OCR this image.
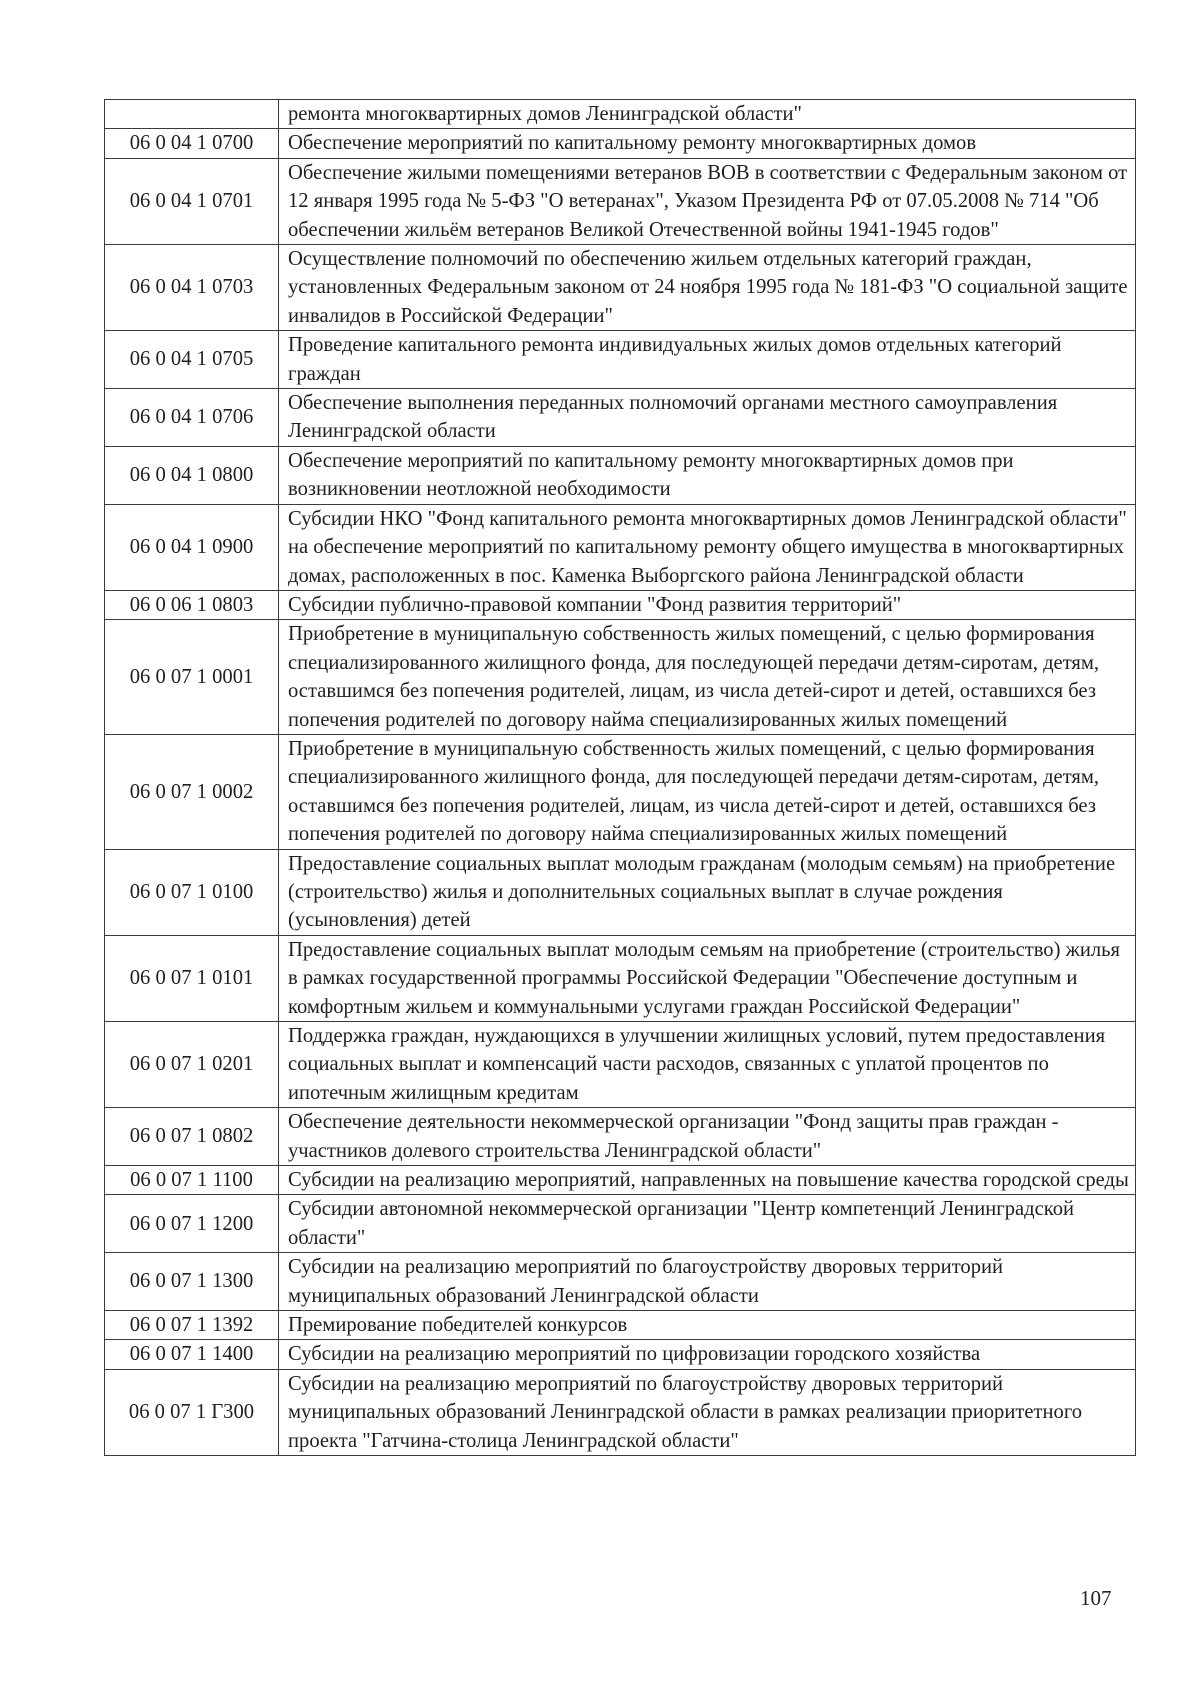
	ремонта многоквартирных домов Ленинградской области"
06 0 04 1 0700	Обеспечение мероприятий по капитальному ремонту многоквартирных домов
06 0 04 1 0701	Обеспечение жилыми помещениями ветеранов ВОВ в соответствии с Федеральным законом от 12 января 1995 года № 5-ФЗ "О ветеранах", Указом Президента РФ от 07.05.2008 № 714 "Об обеспечении жильём ветеранов Великой Отечественной войны 1941-1945 годов"
06 0 04 1 0703	Осуществление полномочий по обеспечению жильем отдельных категорий граждан, установленных Федеральным законом от 24 ноября 1995 года № 181-ФЗ "О социальной защите инвалидов в Российской Федерации"
06 0 04 1 0705	Проведение капитального ремонта индивидуальных жилых домов отдельных категорий граждан
06 0 04 1 0706	Обеспечение выполнения переданных полномочий органами местного самоуправления Ленинградской области
06 0 04 1 0800	Обеспечение мероприятий по капитальному ремонту многоквартирных домов при возникновении неотложной необходимости
06 0 04 1 0900	Субсидии НКО "Фонд капитального ремонта многоквартирных домов Ленинградской области" на обеспечение мероприятий по капитальному ремонту общего имущества в многоквартирных домах, расположенных в пос. Каменка Выборгского района Ленинградской области
06 0 06 1 0803	Субсидии публично-правовой компании "Фонд развития территорий"
06 0 07 1 0001	Приобретение в муниципальную собственность жилых помещений, с целью формирования специализированного жилищного фонда, для последующей передачи детям-сиротам, детям, оставшимся без попечения родителей, лицам, из числа детей-сирот и детей, оставшихся без попечения родителей по договору найма специализированных жилых помещений
06 0 07 1 0002	Приобретение в муниципальную собственность жилых помещений, с целью формирования специализированного жилищного фонда, для последующей передачи детям-сиротам, детям, оставшимся без попечения родителей, лицам, из числа детей-сирот и детей, оставшихся без попечения родителей по договору найма специализированных жилых помещений
06 0 07 1 0100	Предоставление социальных выплат молодым гражданам (молодым семьям) на приобретение (строительство) жилья и дополнительных социальных выплат в случае рождения (усыновления) детей
06 0 07 1 0101	Предоставление социальных выплат молодым семьям на приобретение (строительство) жилья в рамках государственной программы Российской Федерации "Обеспечение доступным и комфортным жильем и коммунальными услугами граждан Российской Федерации"
06 0 07 1 0201	Поддержка граждан, нуждающихся в улучшении жилищных условий, путем предоставления социальных выплат и компенсаций части расходов, связанных с уплатой процентов по ипотечным жилищным кредитам
06 0 07 1 0802	Обеспечение деятельности некоммерческой организации "Фонд защиты прав граждан - участников долевого строительства Ленинградской области"
06 0 07 1 1100	Субсидии на реализацию мероприятий, направленных на повышение качества городской среды
06 0 07 1 1200	Субсидии автономной некоммерческой организации "Центр компетенций Ленинградской области"
06 0 07 1 1300	Субсидии на реализацию мероприятий по благоустройству дворовых территорий муниципальных образований Ленинградской области
06 0 07 1 1392	Премирование победителей конкурсов
06 0 07 1 1400	Субсидии на реализацию мероприятий по цифровизации городского хозяйства
06 0 07 1 Г300	Субсидии на реализацию мероприятий по благоустройству дворовых территорий муниципальных образований Ленинградской области в рамках реализации приоритетного проекта "Гатчина-столица Ленинградской области"
107
